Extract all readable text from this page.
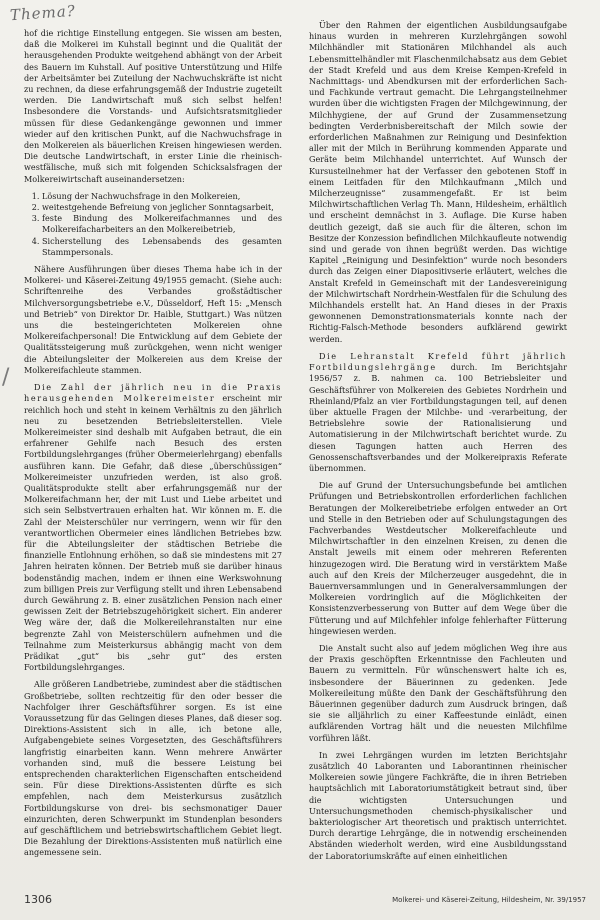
Thema?
/

hof die richtige Einstellung entgegen. Sie wissen am besten, daß die Molkerei im Kuhstall beginnt und die Qualität der herausgehenden Produkte weitgehend abhängt von der Arbeit des Bauern im Kuhstall. Auf positive Unterstützung und Hilfe der Arbeitsämter bei Zuteilung der Nachwuchskräfte ist nicht zu rechnen, da diese erfahrungsgemäß der Industrie zugeteilt werden. Die Landwirtschaft muß sich selbst helfen! Insbesondere die Vorstands- und Aufsichtsratsmitglieder müssen für diese Gedankengänge gewonnen und immer wieder auf den kritischen Punkt, auf die Nachwuchsfrage in den Molkereien als bäuerlichen Kreisen hingewiesen werden. Die deutsche Landwirtschaft, in erster Linie die rheinisch-westfälische, muß sich mit folgenden Schicksalsfragen der Molkereiwirtschaft auseinandersetzen:

1. Lösung der Nachwuchsfrage in den Molkereien,
2. weitestgehende Befreiung von jeglicher Sonntagsarbeit,
3. feste Bindung des Molkereifachmannes und des Molkereifacharbeiters an den Molkereibetrieb,
4. Sicherstellung des Lebensabends des gesamten Stammpersonals.

Nähere Ausführungen über dieses Thema habe ich in der Molkerei- und Käserei-Zeitung 49/1955 gemacht. (Siehe auch: Schriftenreihe des Verbandes großstädtischer Milchversorgungsbetriebe e.V., Düsseldorf, Heft 15: „Mensch und Betrieb“ von Direktor Dr. Haible, Stuttgart.) Was nützen uns die bestеingerichteten Molkereien ohne Molkereifachpersonal! Die Entwicklung auf dem Gebiete der Qualitätssteigerung muß zurückgehen, wenn nicht weniger die Abteilungsleiter der Molkereien aus dem Kreise der Molkereifachleute stammen.

Die Zahl der jährlich neu in die Praxis herausgehenden Molkereimeister erscheint mir reichlich hoch und steht in keinem Verhältnis zu den jährlich neu zu besetzenden Betriebsleiterstellen. Viele Molkereimeister sind deshalb mit Aufgaben betraut, die ein erfahrener Gehilfe nach Besuch des ersten Fortbildungslehrganges (früher Obermeierlehrgang) ebenfalls ausführen kann. Die Gefahr, daß diese „überschüssigen“ Molkereimeister unzufrieden werden, ist also groß. Qualitätsprodukte stellt aber erfahrungsgemäß nur der Molkereifachmann her, der mit Lust und Liebe arbeitet und sich sein Selbstvertrauen erhalten hat. Wir können m. E. die Zahl der Meisterschüler nur verringern, wenn wir für den verantwortlichen Obermeier eines ländlichen Betriebes bzw. für die Abteilungsleiter der städtischen Betriebe die finanzielle Entlohnung erhöhen, so daß sie mindestens mit 27 Jahren heiraten können. Der Betrieb muß sie darüber hinaus bodenständig machen, indem er ihnen eine Werkswohnung zum billigen Preis zur Verfügung stellt und ihren Lebensabend durch Gewährung z. B. einer zusätzlichen Pension nach einer gewissen Zeit der Betriebszugehörigkeit sichert. Ein anderer Weg wäre der, daß die Molkereilehranstalten nur eine begrenzte Zahl von Meisterschülern aufnehmen und die Teilnahme zum Meisterkursus abhängig macht von dem Prädikat „gut“ bis „sehr gut“ des ersten Fortbildungslehrganges.

Alle größeren Landbetriebe, zumindest aber die städtischen Großbetriebe, sollten rechtzeitig für den oder besser die Nachfolger ihrer Geschäftsführer sorgen. Es ist eine Voraussetzung für das Gelingen dieses Planes, daß dieser sog. Direktions-Assistent sich in alle, ich betone alle, Aufgabengebiete seines Vorgesetzten, des Geschäftsführers langfristig einarbeiten kann. Wenn mehrere Anwärter vorhanden sind, muß die bessere Leistung bei entsprechenden charakterlichen Eigenschaften entscheidend sein. Für diese Direktions-Assistenten dürfte es sich empfehlen, nach dem Meisterkursus zusätzlich Fortbildungskurse von drei- bis sechsmonatiger Dauer einzurichten, deren Schwerpunkt im Stundenplan besonders auf geschäftlichem und betriebswirtschaftlichem Gebiet liegt. Die Bezahlung der Direktions-Assistenten muß natürlich eine angemessene sein.

Über den Rahmen der eigentlichen Ausbildungsaufgabe hinaus wurden in mehreren Kurzlehrgängen sowohl Milchhändler mit Stationären Milchhandel als auch Lebensmittelhändler mit Flaschenmilchabsatz aus dem Gebiet der Stadt Krefeld und aus dem Kreise Kempen-Krefeld in Nachmittags- und Abendkursen mit der erforderlichen Sach- und Fachkunde vertraut gemacht. Die Lehrgangsteilnehmer wurden über die wichtigsten Fragen der Milchgewinnung, der Milchhygiene, der auf Grund der Zusammensetzung bedingten Verderbnisbereitschaft der Milch sowie der erforderlichen Maßnahmen zur Reinigung und Desinfektion aller mit der Milch in Berührung kommenden Apparate und Geräte beim Milchhandel unterrichtet. Auf Wunsch der Kursusteilnehmer hat der Verfasser den gebotenen Stoff in einem Leitfaden für den Milchkaufmann „Milch und Milcherzeugnisse“ zusammengefaßt. Er ist beim Milchwirtschaftlichen Verlag Th. Mann, Hildesheim, erhältlich und erscheint demnächst in 3. Auflage. Die Kurse haben deutlich gezeigt, daß sie auch für die älteren, schon im Besitze der Konzession befindlichen Milchkaufleute notwendig sind und gerade von ihnen begrüßt werden. Das wichtige Kapitel „Reinigung und Desinfektion“ wurde noch besonders durch das Zeigen einer Diapositivserie erläutert, welches die Anstalt Krefeld in Gemeinschaft mit der Landesvereinigung der Milchwirtschaft Nordrhein-Westfalen für die Schulung des Milchhandels erstellt hat. An Hand dieses in der Praxis gewonnenen Demonstrationsmaterials konnte nach der Richtig-Falsch-Methode besonders aufklärend gewirkt werden.

Die Lehranstalt Krefeld führt jährlich Fortbildungslehrgänge durch. Im Berichtsjahr 1956/57 z. B. nahmen ca. 100 Betriebsleiter und Geschäftsführer von Molkereien des Gebietes Nordrhein und Rheinland/Pfalz an vier Fortbildungstagungen teil, auf denen über aktuelle Fragen der Milchbe- und -verarbeitung, der Betriebslehre sowie der Rationalisierung und Automatisierung in der Milchwirtschaft berichtet wurde. Zu diesen Tagungen hatten auch Herren des Genossenschaftsverbandes und der Molkereipraxis Referate übernommen.

Die auf Grund der Untersuchungsbefunde bei amtlichen Prüfungen und Betriebskontrollen erforderlichen fachlichen Beratungen der Molkereibetriebe erfolgen entweder an Ort und Stelle in den Betrieben oder auf Schulungstagungen des Fachverbandes Westdeutscher Molkereifachleute und Milchwirtschaftler in den einzelnen Kreisen, zu denen die Anstalt jeweils mit einem oder mehreren Referenten hinzugezogen wird. Die Beratung wird in verstärktem Maße auch auf den Kreis der Milcherzeuger ausgedehnt, die in Bauernversammlungen und in Generalversammlungen der Molkereien vordringlich auf die Möglichkeiten der Konsistenzverbesserung von Butter auf dem Wege über die Fütterung und auf Milchfehler infolge fehlerhafter Fütterung hingewiesen werden.

Die Anstalt sucht also auf jedem möglichen Weg ihre aus der Praxis geschöpften Erkenntnisse den Fachleuten und Bauern zu vermitteln. Für wünschenswert halte ich es, insbesondere der Bäuerinnen zu gedenken. Jede Molkereileitung müßte den Dank der Geschäftsführung den Bäuerinnen gegenüber dadurch zum Ausdruck bringen, daß sie sie alljährlich zu einer Kaffeestunde einlädt, einen aufklärenden Vortrag hält und die neuesten Milchfilme vorführen läßt.

In zwei Lehrgängen wurden im letzten Berichtsjahr zusätzlich 40 Laboranten und Laborantinnen rheinischer Molkereien sowie jüngere Fachkräfte, die in ihren Betrieben hauptsächlich mit Laboratoriumstätigkeit betraut sind, über die wichtigsten Untersuchungen und Untersuchungsmethoden chemisch-physikalischer und bakteriologischer Art theoretisch und praktisch unterrichtet. Durch derartige Lehrgänge, die in notwendig erscheinenden Abständen wiederholt werden, wird eine Ausbildungsstand der Laboratoriumskräfte auf einen einheitlichen

1306	Molkerei- und Käserei-Zeitung, Hildesheim, Nr. 39/1957
